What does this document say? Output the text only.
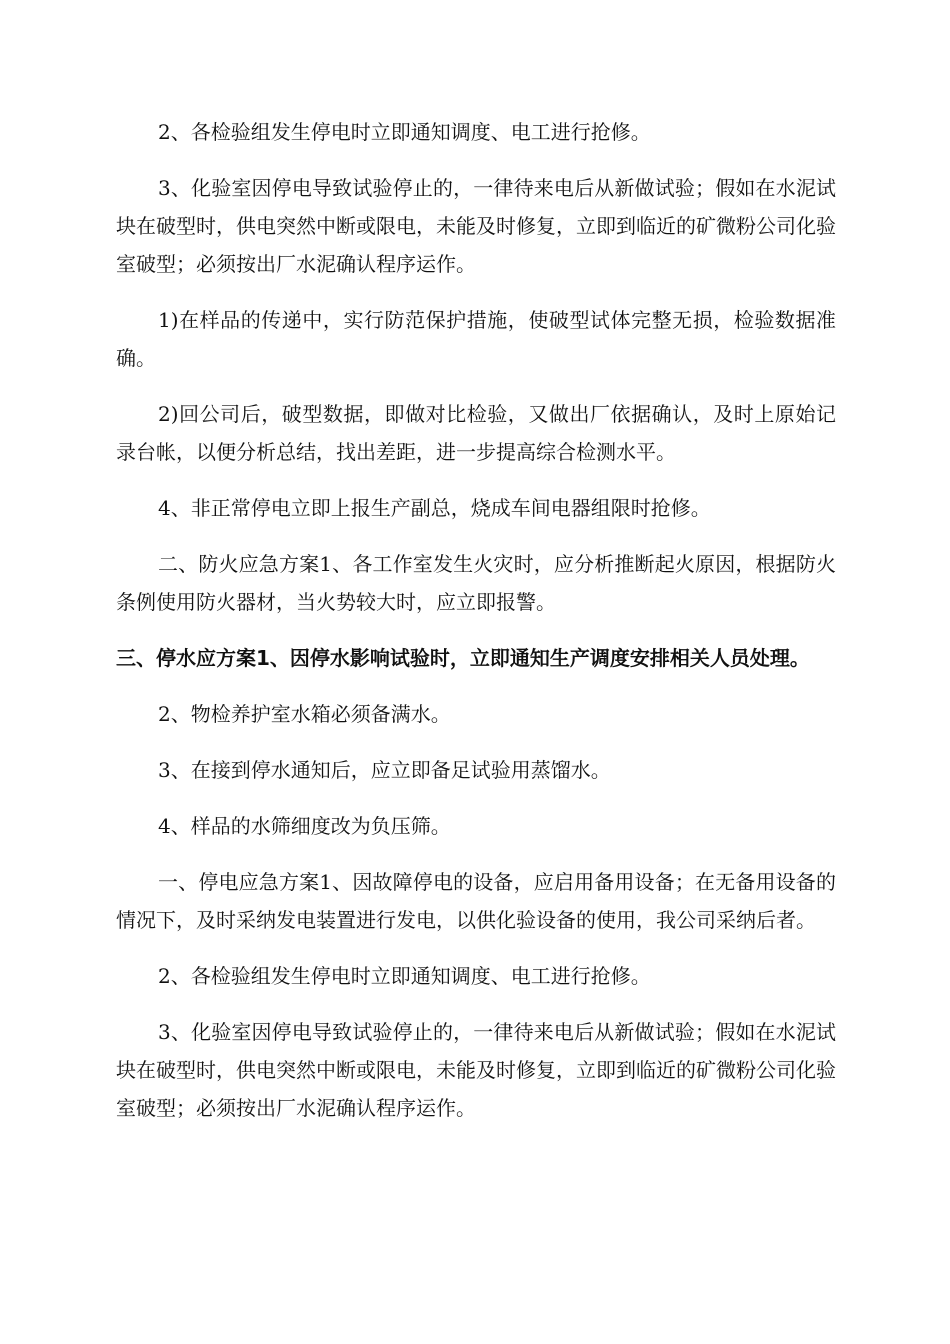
2、各检验组发生停电时立即通知调度、电工进行抢修。

3、化验室因停电导致试验停止的，一律待来电后从新做试验；假如在水泥试块在破型时，供电突然中断或限电，未能及时修复，立即到临近的矿微粉公司化验室破型；必须按出厂水泥确认程序运作。

1)在样品的传递中，实行防范保护措施，使破型试体完整无损，检验数据准确。

2)回公司后，破型数据，即做对比检验，又做出厂依据确认，及时上原始记录台帐，以便分析总结，找出差距，进一步提高综合检测水平。

4、非正常停电立即上报生产副总，烧成车间电器组限时抢修。

二、防火应急方案1、各工作室发生火灾时，应分析推断起火原因，根据防火条例使用防火器材，当火势较大时，应立即报警。

三、停水应方案1、因停水影响试验时，立即通知生产调度安排相关人员处理。

2、物检养护室水箱必须备满水。

3、在接到停水通知后，应立即备足试验用蒸馏水。

4、样品的水筛细度改为负压筛。

一、停电应急方案1、因故障停电的设备，应启用备用设备；在无备用设备的情况下，及时采纳发电装置进行发电，以供化验设备的使用，我公司采纳后者。

2、各检验组发生停电时立即通知调度、电工进行抢修。

3、化验室因停电导致试验停止的，一律待来电后从新做试验；假如在水泥试块在破型时，供电突然中断或限电，未能及时修复，立即到临近的矿微粉公司化验室破型；必须按出厂水泥确认程序运作。
